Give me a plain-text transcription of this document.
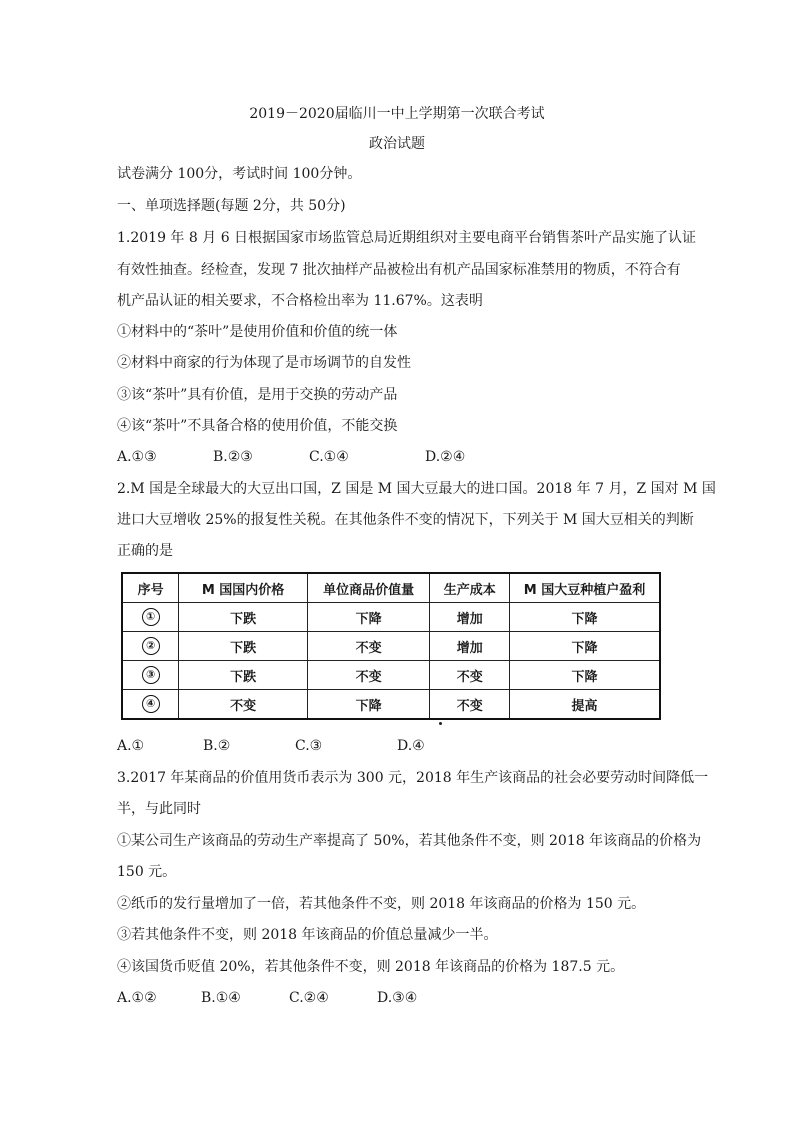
2019－2020届临川一中上学期第一次联合考试
政治试题
试卷满分 100分，考试时间 100分钟。
一、单项选择题(每题 2分，共 50分)
1.2019 年 8 月 6 日根据国家市场监管总局近期组织对主要电商平台销售茶叶产品实施了认证
有效性抽查。经检查，发现 7 批次抽样产品被检出有机产品国家标准禁用的物质，不符合有
机产品认证的相关要求，不合格检出率为 11.67%。这表明
①材料中的“茶叶”是使用价值和价值的统一体
②材料中商家的行为体现了是市场调节的自发性
③该“茶叶”具有价值，是用于交换的劳动产品
④该“茶叶”不具备合格的使用价值，不能交换
A.①③	B.②③	C.①④	D.②④
2.M 国是全球最大的大豆出口国，Z 国是 M 国大豆最大的进口国。2018 年 7 月，Z 国对 M 国
进口大豆增收 25%的报复性关税。在其他条件不变的情况下，下列关于 M 国大豆相关的判断
正确的是
序号	M 国国内价格	单位商品价值量	生产成本	M 国大豆种植户盈利
①	下跌	下降	增加	下降
②	下跌	不变	增加	下降
③	下跌	不变	不变	下降
④	不变	下降	不变	提高
A.①	B.②	C.③	D.④
3.2017 年某商品的价值用货币表示为 300 元，2018 年生产该商品的社会必要劳动时间降低一
半，与此同时
①某公司生产该商品的劳动生产率提高了 50%，若其他条件不变，则 2018 年该商品的价格为
150 元。
②纸币的发行量增加了一倍，若其他条件不变，则 2018 年该商品的价格为 150 元。
③若其他条件不变，则 2018 年该商品的价值总量减少一半。
④该国货币贬值 20%，若其他条件不变，则 2018 年该商品的价格为 187.5 元。
A.①②	B.①④	C.②④	D.③④
